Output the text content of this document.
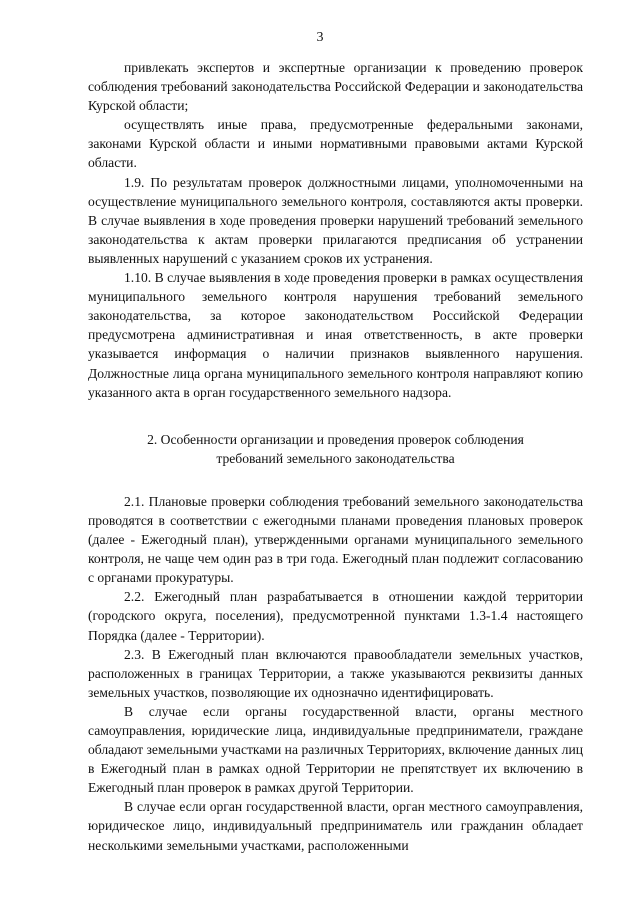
3

привлекать экспертов и экспертные организации к проведению проверок соблюдения требований законодательства Российской Федерации и законодательства Курской области;

осуществлять иные права, предусмотренные федеральными законами, законами Курской области и иными нормативными правовыми актами Курской области.

1.9. По результатам проверок должностными лицами, уполномоченными на осуществление муниципального земельного контроля, составляются акты проверки. В случае выявления в ходе проведения проверки нарушений требований земельного законодательства к актам проверки прилагаются предписания об устранении выявленных нарушений с указанием сроков их устранения.

1.10. В случае выявления в ходе проведения проверки в рамках осуществления муниципального земельного контроля нарушения требований земельного законодательства, за которое законодательством Российской Федерации предусмотрена административная и иная ответственность, в акте проверки указывается информация о наличии признаков выявленного нарушения. Должностные лица органа муниципального земельного контроля направляют копию указанного акта в орган государственного земельного надзора.

2. Особенности организации и проведения проверок соблюдения
требований земельного законодательства

2.1. Плановые проверки соблюдения требований земельного законодательства проводятся в соответствии с ежегодными планами проведения плановых проверок (далее - Ежегодный план), утвержденными органами муниципального земельного контроля, не чаще чем один раз в три года. Ежегодный план подлежит согласованию с органами прокуратуры.

2.2. Ежегодный план разрабатывается в отношении каждой территории (городского округа, поселения), предусмотренной пунктами 1.3-1.4 настоящего Порядка (далее - Территории).

2.3. В Ежегодный план включаются правообладатели земельных участков, расположенных в границах Территории, а также указываются реквизиты данных земельных участков, позволяющие их однозначно идентифицировать.

В случае если органы государственной власти, органы местного самоуправления, юридические лица, индивидуальные предприниматели, граждане обладают земельными участками на различных Территориях, включение данных лиц в Ежегодный план в рамках одной Территории не препятствует их включению в Ежегодный план проверок в рамках другой Территории.

В случае если орган государственной власти, орган местного самоуправления, юридическое лицо, индивидуальный предприниматель или гражданин обладает несколькими земельными участками, расположенными
